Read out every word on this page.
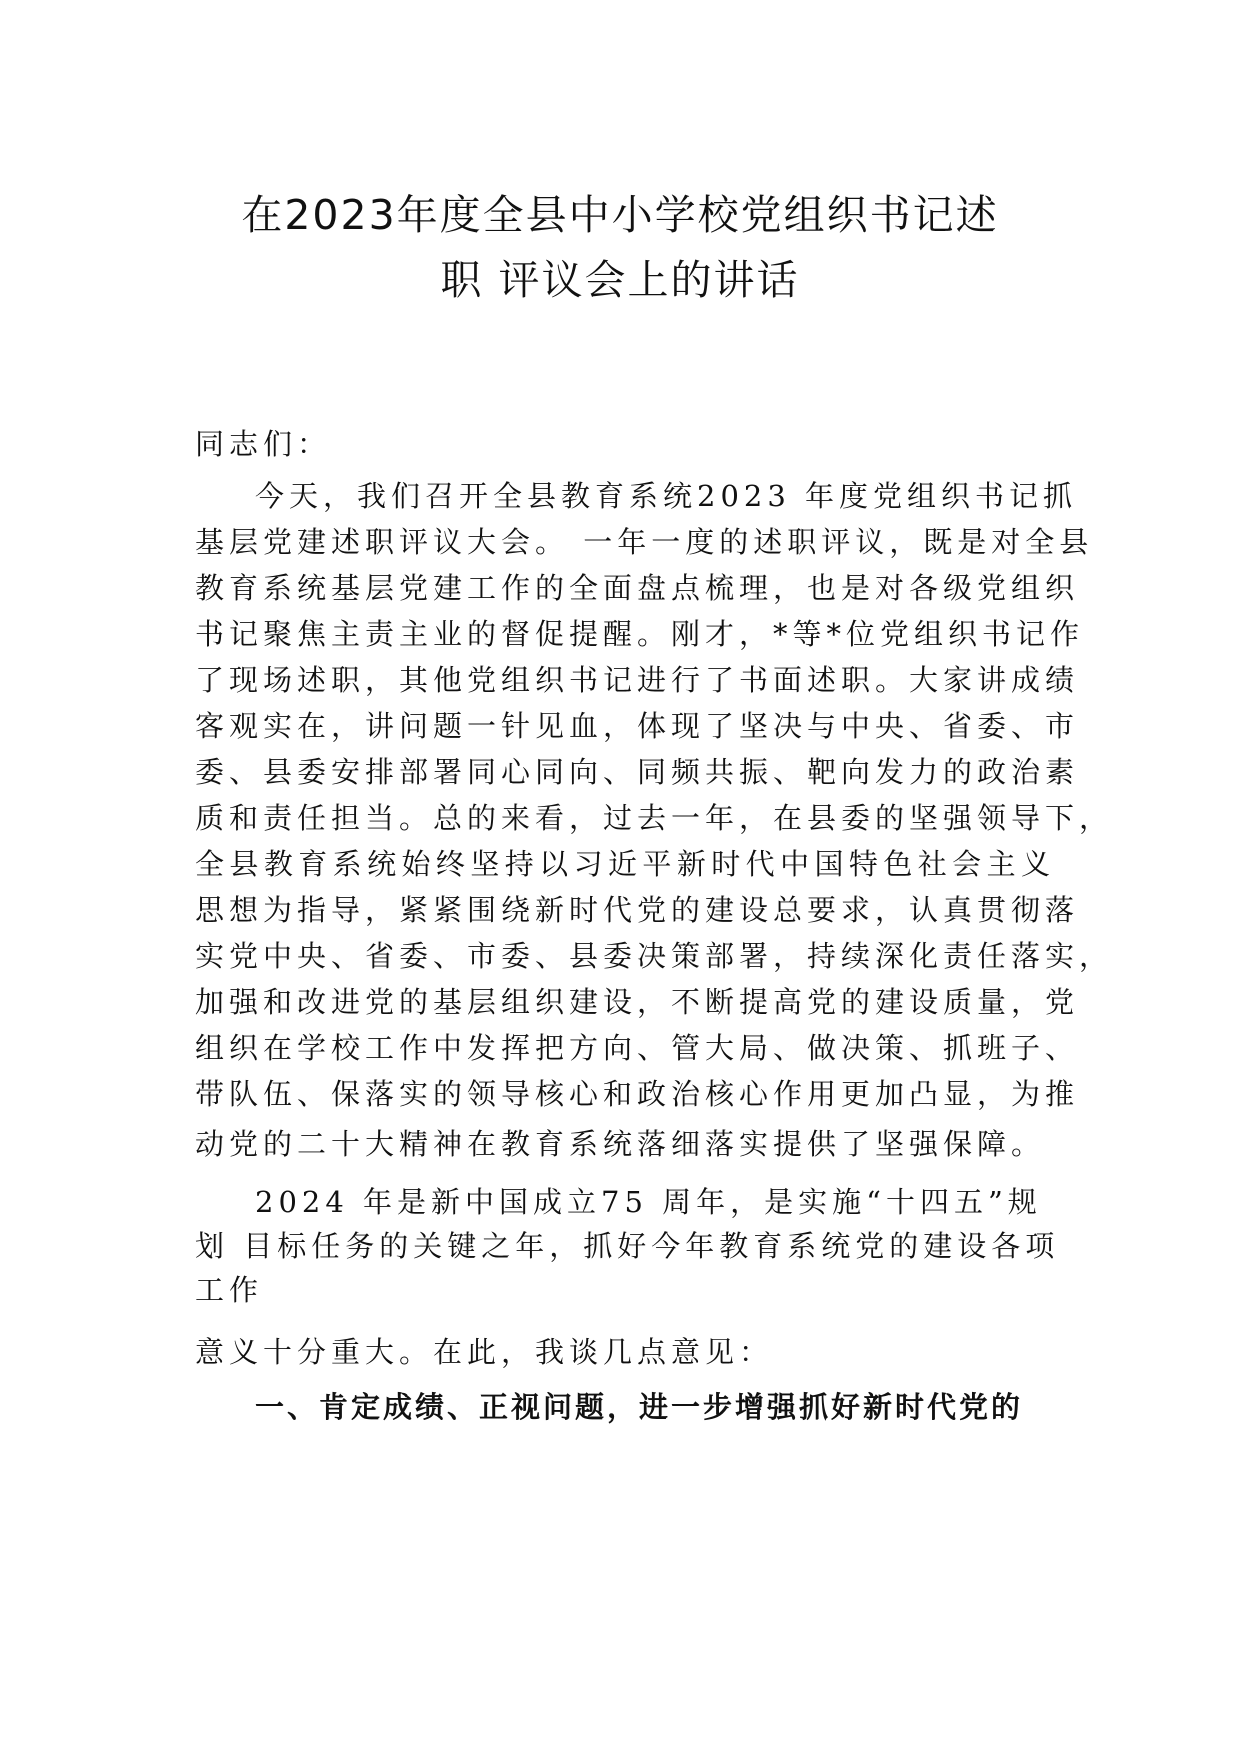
在2023年度全县中小学校党组织书记述
职 评议会上的讲话

同志们：

今天，我们召开全县教育系统2023 年度党组织书记抓

基层党建述职评议大会。 一年一度的述职评议，既是对全县

教育系统基层党建工作的全面盘点梳理，也是对各级党组织

书记聚焦主责主业的督促提醒。刚才，*等*位党组织书记作

了现场述职，其他党组织书记进行了书面述职。大家讲成绩

客观实在，讲问题一针见血，体现了坚决与中央、省委、市

委、县委安排部署同心同向、同频共振、靶向发力的政治素

质和责任担当。总的来看，过去一年，在县委的坚强领导下，

全县教育系统始终坚持以习近平新时代中国特色社会主义

思想为指导，紧紧围绕新时代党的建设总要求，认真贯彻落

实党中央、省委、市委、县委决策部署，持续深化责任落实，

加强和改进党的基层组织建设，不断提高党的建设质量，党

组织在学校工作中发挥把方向、管大局、做决策、抓班子、

带队伍、保落实的领导核心和政治核心作用更加凸显，为推

动党的二十大精神在教育系统落细落实提供了坚强保障。

2024 年是新中国成立75 周年，是实施“十四五”规

划 目标任务的关键之年，抓好今年教育系统党的建设各项

工作

意义十分重大。在此，我谈几点意见：

一、肯定成绩、正视问题，进一步增强抓好新时代党的
